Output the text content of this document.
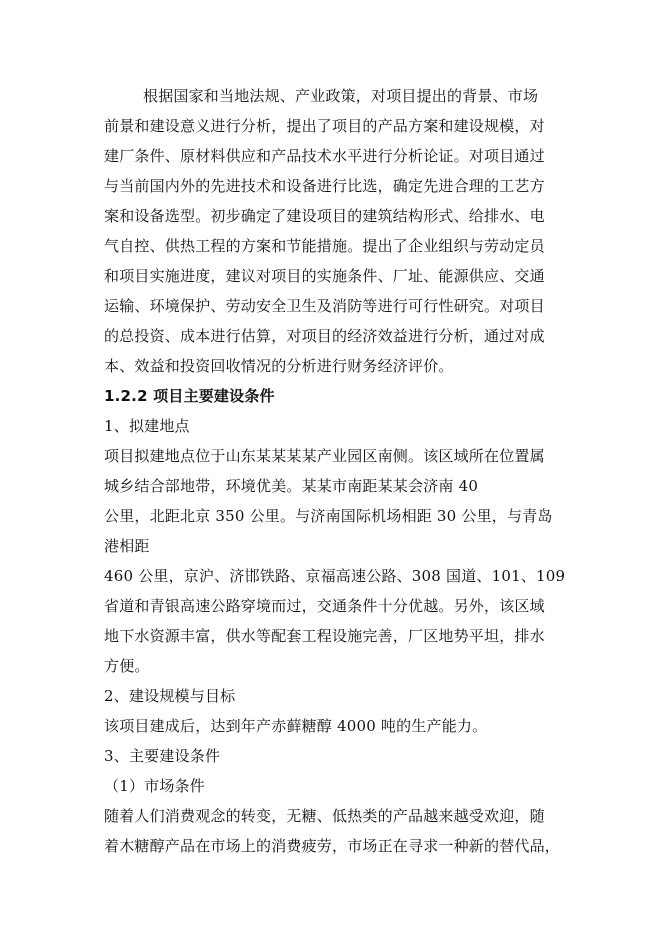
根据国家和当地法规、产业政策，对项目提出的背景、市场
前景和建设意义进行分析，提出了项目的产品方案和建设规模，对
建厂条件、原材料供应和产品技术水平进行分析论证。对项目通过
与当前国内外的先进技术和设备进行比选，确定先进合理的工艺方
案和设备选型。初步确定了建设项目的建筑结构形式、给排水、电
气自控、供热工程的方案和节能措施。提出了企业组织与劳动定员
和项目实施进度，建议对项目的实施条件、厂址、能源供应、交通
运输、环境保护、劳动安全卫生及消防等进行可行性研究。对项目
的总投资、成本进行估算，对项目的经济效益进行分析，通过对成
本、效益和投资回收情况的分析进行财务经济评价。
1.2.2 项目主要建设条件
1、拟建地点
项目拟建地点位于山东某某某某产业园区南侧。该区域所在位置属
城乡结合部地带，环境优美。某某市南距某某会济南 40
公里，北距北京 350 公里。与济南国际机场相距 30 公里，与青岛
港相距
460 公里，京沪、济邯铁路、京福高速公路、308 国道、101、109
省道和青银高速公路穿境而过，交通条件十分优越。另外，该区域
地下水资源丰富，供水等配套工程设施完善，厂区地势平坦，排水
方便。
2、建设规模与目标
该项目建成后，达到年产赤藓糖醇 4000 吨的生产能力。
3、主要建设条件
（1）市场条件
随着人们消费观念的转变，无糖、低热类的产品越来越受欢迎，随
着木糖醇产品在市场上的消费疲劳，市场正在寻求一种新的替代品，
